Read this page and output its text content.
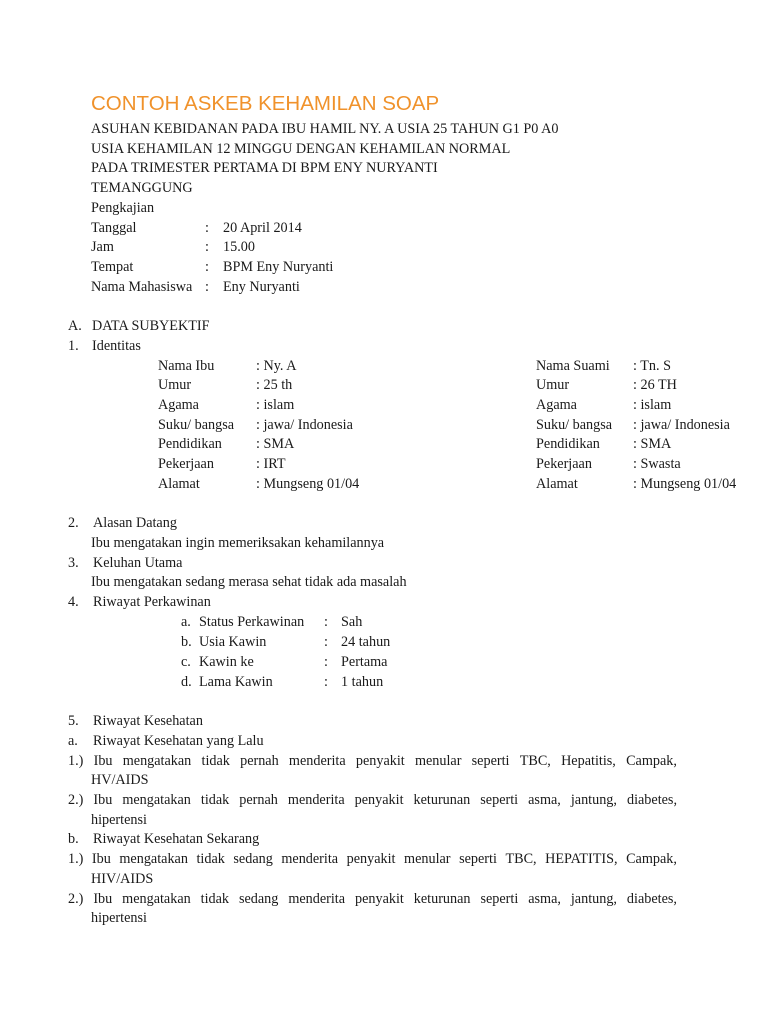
CONTOH ASKEB KEHAMILAN SOAP
ASUHAN KEBIDANAN PADA IBU HAMIL NY. A USIA 25 TAHUN G1 P0 A0
USIA KEHAMILAN 12 MINGGU DENGAN KEHAMILAN NORMAL
PADA TRIMESTER PERTAMA DI BPM ENY NURYANTI
TEMANGGUNG
Pengkajian
Tanggal	: 20 April 2014
Jam	: 15.00
Tempat	: BPM Eny Nuryanti
Nama Mahasiswa : Eny Nuryanti
A. DATA SUBYEKTIF
1. Identitas
Nama Ibu	: Ny. A	Nama Suami : Tn. S
Umur	: 25 th	Umur	: 26 TH
Agama	: islam	Agama	: islam
Suku/ bangsa : jawa/ Indonesia	Suku/ bangsa : jawa/ Indonesia
Pendidikan : SMA	Pendidikan : SMA
Pekerjaan	: IRT	Pekerjaan	: Swasta
Alamat	: Mungseng 01/04	Alamat	: Mungseng 01/04
2. Alasan Datang
Ibu mengatakan ingin memeriksakan kehamilannya
3. Keluhan Utama
Ibu mengatakan sedang merasa sehat tidak ada masalah
4. Riwayat Perkawinan
a. Status Perkawinan : Sah
b. Usia Kawin	: 24 tahun
c. Kawin ke	: Pertama
d. Lama Kawin	: 1 tahun
5. Riwayat Kesehatan
a. Riwayat Kesehatan yang Lalu
1.) Ibu mengatakan tidak pernah menderita penyakit menular seperti TBC, Hepatitis, Campak,
HV/AIDS
2.) Ibu mengatakan tidak pernah menderita penyakit keturunan seperti asma, jantung, diabetes,
hipertensi
b. Riwayat Kesehatan Sekarang
1.) Ibu mengatakan tidak sedang menderita penyakit menular seperti TBC, HEPATITIS, Campak,
HIV/AIDS
2.) Ibu mengatakan tidak sedang menderita penyakit keturunan seperti asma, jantung, diabetes,
hipertensi
